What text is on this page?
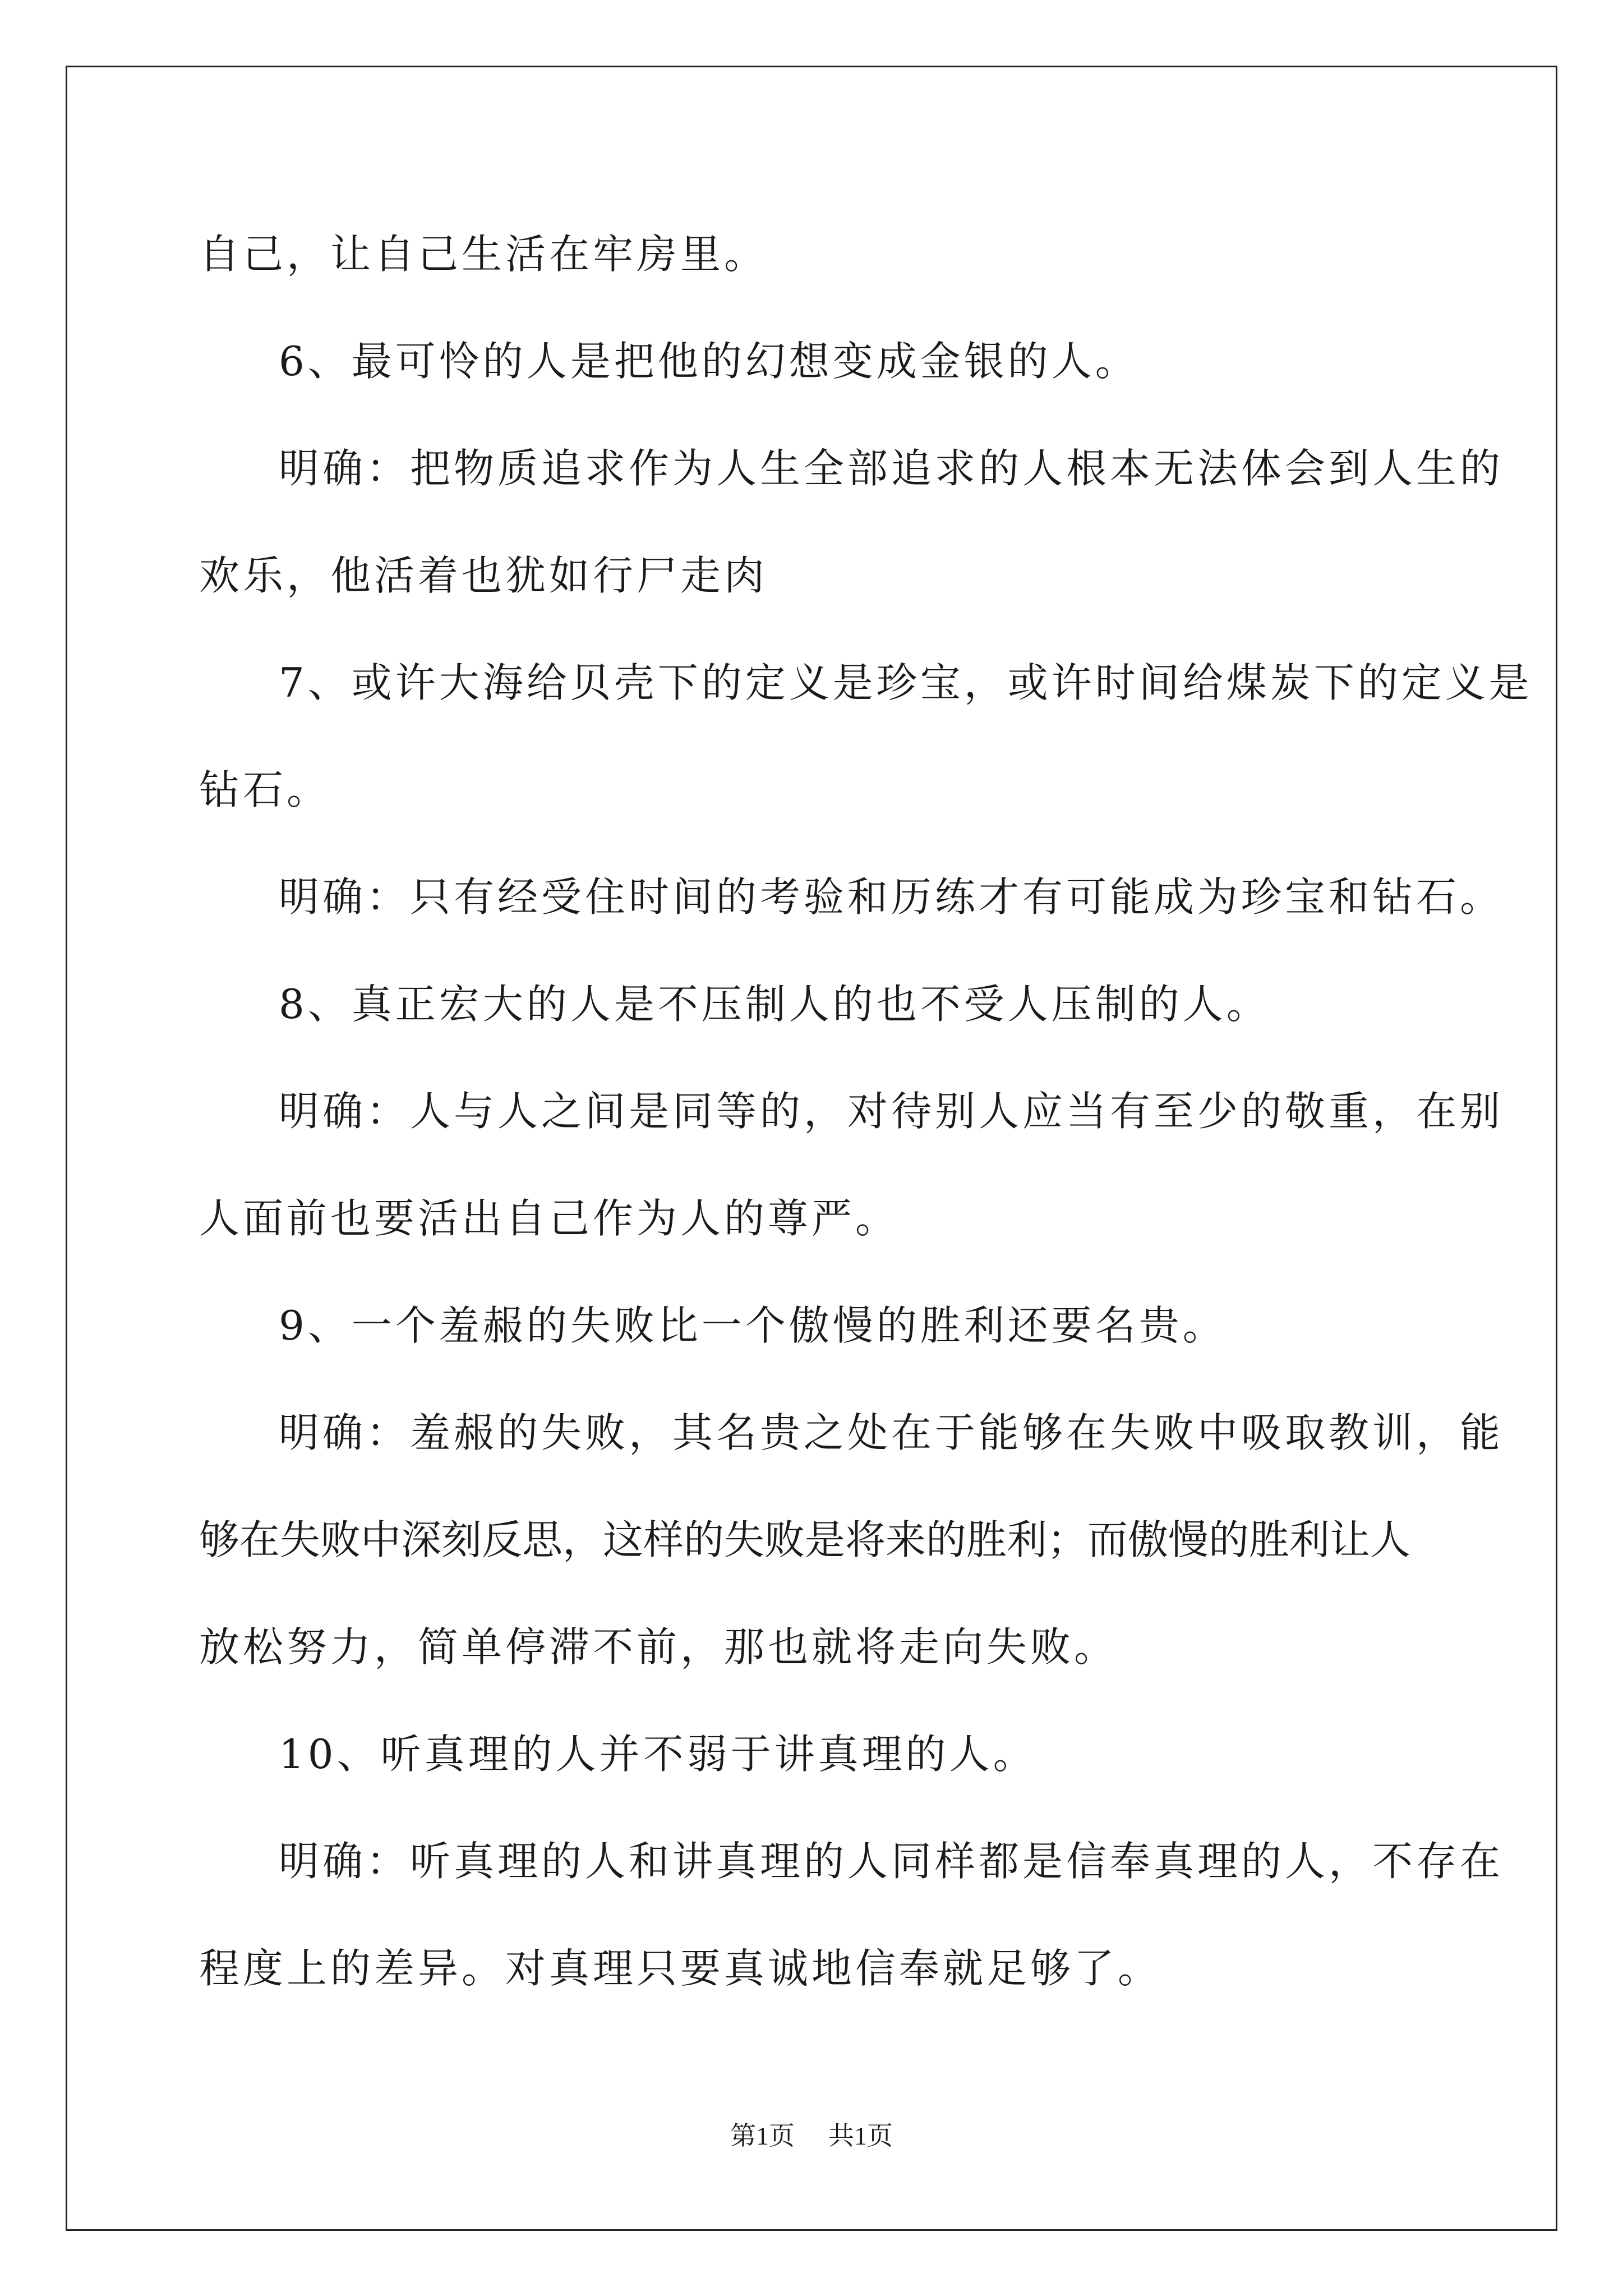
自己，让自己生活在牢房里。
6、最可怜的人是把他的幻想变成金银的人。
明确：把物质追求作为人生全部追求的人根本无法体会到人生的
欢乐，他活着也犹如行尸走肉
7、或许大海给贝壳下的定义是珍宝，或许时间给煤炭下的定义是
钻石。
明确：只有经受住时间的考验和历练才有可能成为珍宝和钻石。
8、真正宏大的人是不压制人的也不受人压制的人。
明确：人与人之间是同等的，对待别人应当有至少的敬重，在别
人面前也要活出自己作为人的尊严。
9、一个羞赧的失败比一个傲慢的胜利还要名贵。
明确：羞赧的失败，其名贵之处在于能够在失败中吸取教训，能
够在失败中深刻反思，这样的失败是将来的胜利；而傲慢的胜利让人
放松努力，简单停滞不前，那也就将走向失败。
10、听真理的人并不弱于讲真理的人。
明确：听真理的人和讲真理的人同样都是信奉真理的人，不存在
程度上的差异。对真理只要真诚地信奉就足够了。
第1页 共1页
